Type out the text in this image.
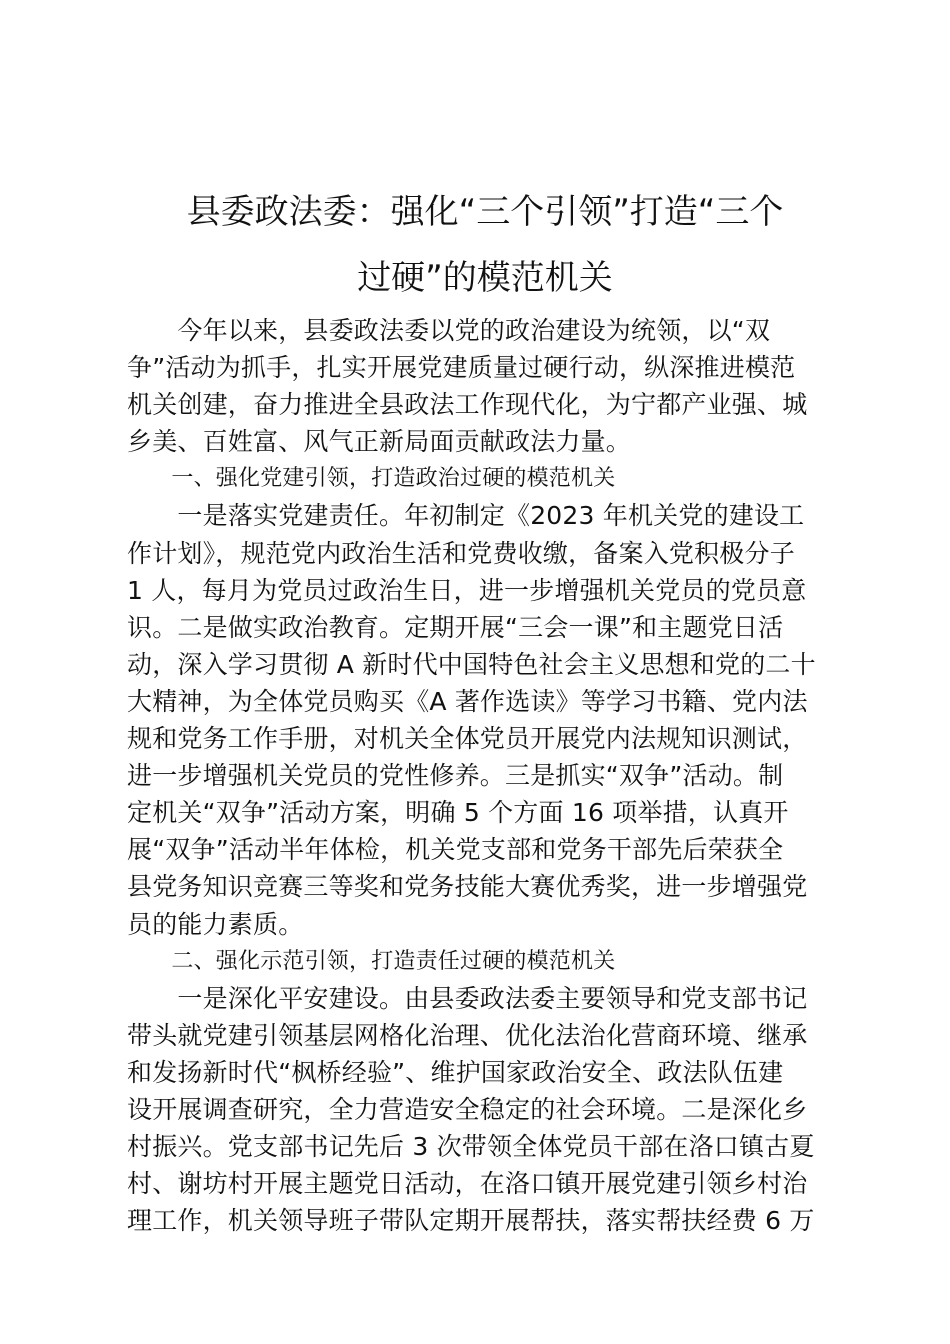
县委政法委：强化“三个引领”打造“三个
过硬”的模范机关
　　今年以来，县委政法委以党的政治建设为统领，以“双
争”活动为抓手，扎实开展党建质量过硬行动，纵深推进模范
机关创建，奋力推进全县政法工作现代化，为宁都产业强、城
乡美、百姓富、风气正新局面贡献政法力量。
　　一、强化党建引领，打造政治过硬的模范机关
　　一是落实党建责任。年初制定《2023 年机关党的建设工
作计划》，规范党内政治生活和党费收缴，备案入党积极分子
1 人，每月为党员过政治生日，进一步增强机关党员的党员意
识。二是做实政治教育。定期开展“三会一课”和主题党日活
动，深入学习贯彻 A 新时代中国特色社会主义思想和党的二十
大精神，为全体党员购买《A 著作选读》等学习书籍、党内法
规和党务工作手册，对机关全体党员开展党内法规知识测试，
进一步增强机关党员的党性修养。三是抓实“双争”活动。制
定机关“双争”活动方案，明确 5 个方面 16 项举措，认真开
展“双争”活动半年体检，机关党支部和党务干部先后荣获全
县党务知识竞赛三等奖和党务技能大赛优秀奖，进一步增强党
员的能力素质。
　　二、强化示范引领，打造责任过硬的模范机关
　　一是深化平安建设。由县委政法委主要领导和党支部书记
带头就党建引领基层网格化治理、优化法治化营商环境、继承
和发扬新时代“枫桥经验”、维护国家政治安全、政法队伍建
设开展调查研究，全力营造安全稳定的社会环境。二是深化乡
村振兴。党支部书记先后 3 次带领全体党员干部在洛口镇古夏
村、谢坊村开展主题党日活动，在洛口镇开展党建引领乡村治
理工作，机关领导班子带队定期开展帮扶，落实帮扶经费 6 万
